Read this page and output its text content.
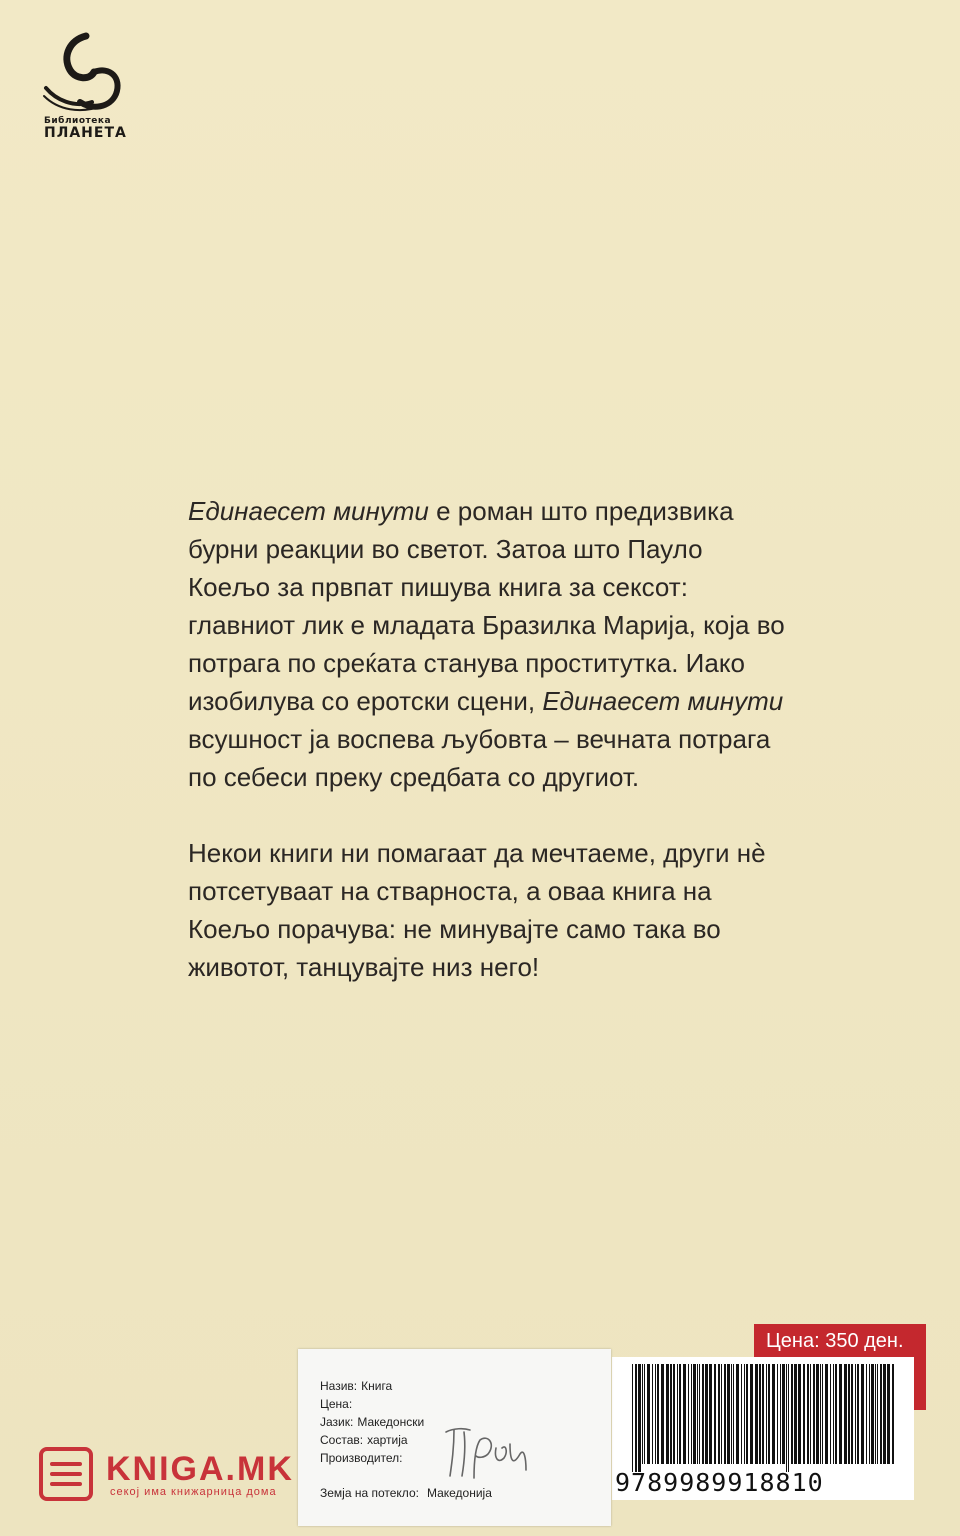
Библиотека
ПЛАНЕТА

Единаесет минути е роман што предизвика бурни реакции во светот. Затоа што Пауло Коељо за првпат пишува книга за сексот: главниот лик е младата Бразилка Марија, која во потрага по среќата станува проститутка. Иако изобилува со еротски сцени, Единаесет минути всушност ја воспева љубовта – вечната потрага по себеси преку средбата со другиот.

Некои книги ни помагаат да мечтаеме, други нè потсетуваат на стварноста, а оваа книга на Коељо порачува: не минувајте само така во животот, танцувајте низ него!

Цена: 350 ден.
9789989918810
KNIGA.MK
секој има книжарница дома
Назив: Книга
Цена:
Јазик: Македонски
Состав: хартија
Производител:
Земја на потекло: Македонија
